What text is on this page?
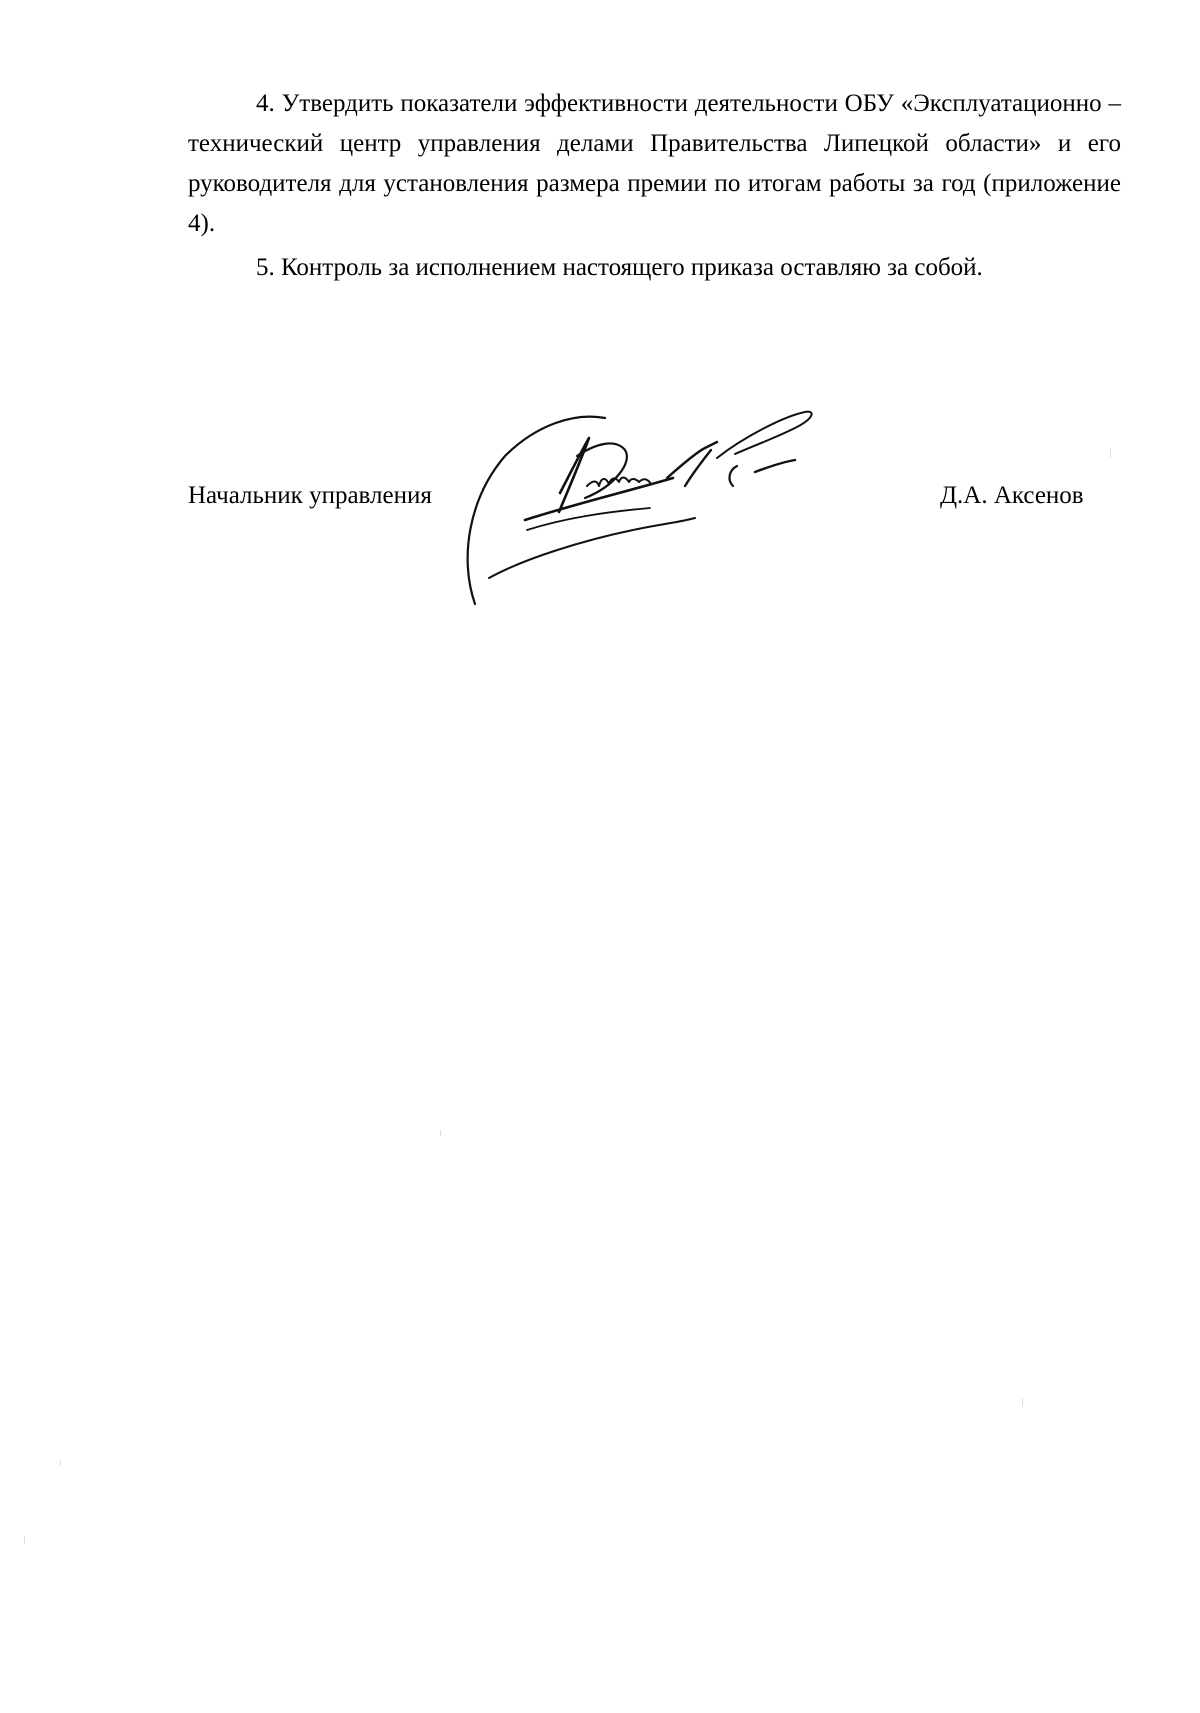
4. Утвердить показатели эффективности деятельности ОБУ «Эксплуатационно – технический центр управления делами Правительства Липецкой области» и его руководителя для установления размера премии по итогам работы за год (приложение 4).

5. Контроль за исполнением настоящего приказа оставляю за собой.

Начальник управления	Д.А. Аксенов
